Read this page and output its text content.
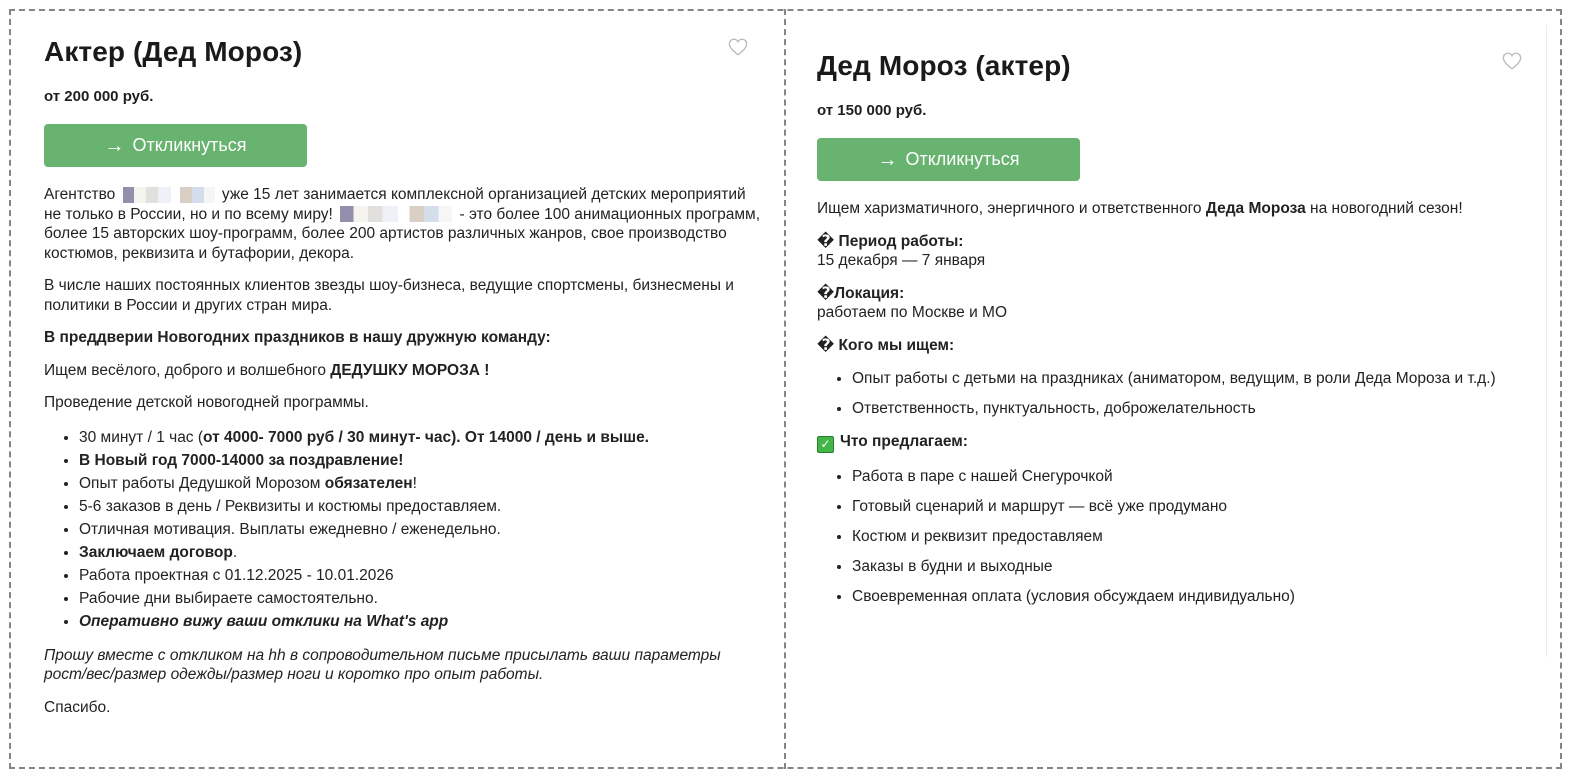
Актер (Дед Мороз)
от 200 000 руб.
→ Откликнуться

Агентство	уже 15 лет занимается комплексной организацией детских мероприятий не только в России, но и по всему миру!	- это более 100 анимационных программ, более 15 авторских шоу-программ, более 200 артистов различных жанров, свое производство костюмов, реквизита и бутафории, декора.

В числе наших постоянных клиентов звезды шоу-бизнеса, ведущие спортсмены, бизнесмены и политики в России и других стран мира.

В преддверии Новогодних праздников в нашу дружную команду:

Ищем весёлого, доброго и волшебного ДЕДУШКУ МОРОЗА !

Проведение детской новогодней программы.

• 30 минут / 1 час (от 4000- 7000 руб / 30 минут- час). От 14000 / день и выше.
• В Новый год 7000-14000 за поздравление!
• Опыт работы Дедушкой Морозом обязателен!
• 5-6 заказов в день / Реквизиты и костюмы предоставляем.
• Отличная мотивация. Выплаты ежедневно / еженедельно.
• Заключаем договор.
• Работа проектная с 01.12.2025 - 10.01.2026
• Рабочие дни выбираете самостоятельно.
• Оперативно вижу ваши отклики на What's app

Прошу вместе с откликом на hh в сопроводительном письме присылать ваши параметры рост/вес/размер одежды/размер ноги и коротко про опыт работы.

Спасибо.

Дед Мороз (актер)
от 150 000 руб.
→ Откликнуться

Ищем харизматичного, энергичного и ответственного Деда Мороза на новогодний сезон!

� Период работы:
15 декабря — 7 января

�Локация:
работаем по Москве и МО

� Кого мы ищем:

• Опыт работы с детьми на праздниках (аниматором, ведущим, в роли Деда Мороза и т.д.)
• Ответственность, пунктуальность, доброжелательность

✓ Что предлагаем:

• Работа в паре с нашей Снегурочкой
• Готовый сценарий и маршрут — всё уже продумано
• Костюм и реквизит предоставляем
• Заказы в будни и выходные
• Своевременная оплата (условия обсуждаем индивидуально)
